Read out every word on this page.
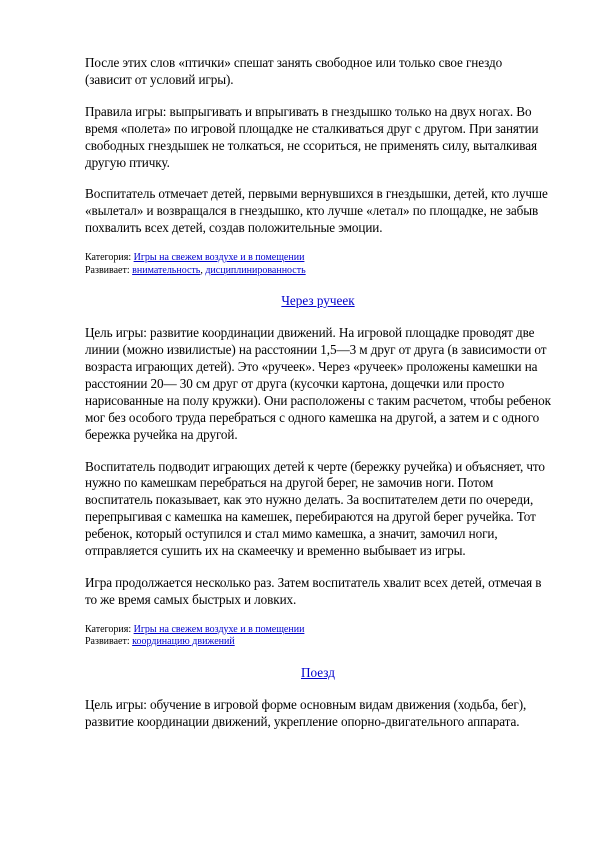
После этих слов «птички» спешат занять свободное или только свое гнездо (зависит от условий игры).

Правила игры: выпрыгивать и впрыгивать в гнездышко только на двух ногах. Во время «полета» по игровой площадке не сталкиваться друг с другом. При занятии свободных гнездышек не толкаться, не ссориться, не применять силу, выталкивая другую птичку.

Воспитатель отмечает детей, первыми вернувшихся в гнездышки, детей, кто лучше «вылетал» и возвращался в гнездышко, кто лучше «летал» по площадке, не забыв похвалить всех детей, создав положительные эмоции.

Категория: Игры на свежем воздухе и в помещении

Развивает: внимательность, дисциплинированность

Через ручеек

Цель игры: развитие координации движений. На игровой площадке проводят две линии (можно извилистые) на расстоянии 1,5—3 м друг от друга (в зависимости от возраста играющих детей). Это «ручеек». Через «ручеек» проложены камешки на расстоянии 20— 30 см друг от друга (кусочки картона, дощечки или просто нарисованные на полу кружки). Они расположены с таким расчетом, чтобы ребенок мог без особого труда перебраться с одного камешка на другой, а затем и с одного бережка ручейка на другой.

Воспитатель подводит играющих детей к черте (бережку ручейка) и объясняет, что нужно по камешкам перебраться на другой берег, не замочив ноги. Потом воспитатель показывает, как это нужно делать. За воспитателем дети по очереди, перепрыгивая с камешка на камешек, перебираются на другой берег ручейка. Тот ребенок, который оступился и стал мимо камешка, а значит, замочил ноги, отправляется сушить их на скамеечку и временно выбывает из игры.

Игра продолжается несколько раз. Затем воспитатель хвалит всех детей, отмечая в то же время самых быстрых и ловких.

Категория: Игры на свежем воздухе и в помещении

Развивает: координацию движений

Поезд

Цель игры: обучение в игровой форме основным видам движения (ходьба, бег), развитие координации движений, укрепление опорно-двигательного аппарата.
